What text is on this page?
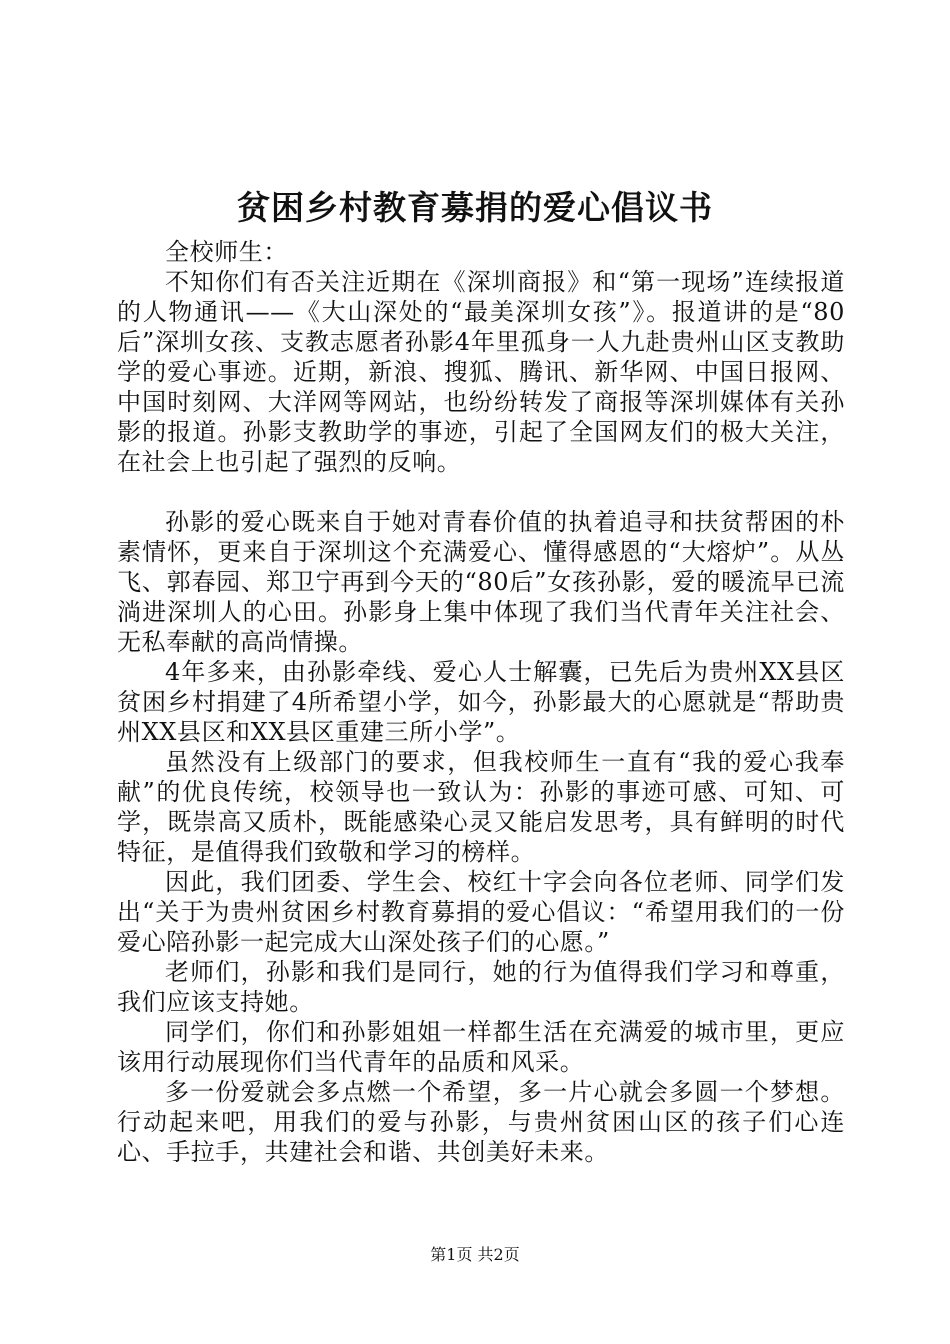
贫困乡村教育募捐的爱心倡议书

全校师生：

不知你们有否关注近期在《深圳商报》和“第一现场”连续报道的人物通讯——《大山深处的“最美深圳女孩”》。报道讲的是“80后”深圳女孩、支教志愿者孙影4年里孤身一人九赴贵州山区支教助学的爱心事迹。近期，新浪、搜狐、腾讯、新华网、中国日报网、中国时刻网、大洋网等网站，也纷纷转发了商报等深圳媒体有关孙影的报道。孙影支教助学的事迹，引起了全国网友们的极大关注，在社会上也引起了强烈的反响。

孙影的爱心既来自于她对青春价值的执着追寻和扶贫帮困的朴素情怀，更来自于深圳这个充满爱心、懂得感恩的“大熔炉”。从丛飞、郭春园、郑卫宁再到今天的“80后”女孩孙影，爱的暖流早已流淌进深圳人的心田。孙影身上集中体现了我们当代青年关注社会、无私奉献的高尚情操。

4年多来，由孙影牵线、爱心人士解囊，已先后为贵州XX县区贫困乡村捐建了4所希望小学，如今，孙影最大的心愿就是“帮助贵州XX县区和XX县区重建三所小学”。

虽然没有上级部门的要求，但我校师生一直有“我的爱心我奉献”的优良传统，校领导也一致认为：孙影的事迹可感、可知、可学，既崇高又质朴，既能感染心灵又能启发思考，具有鲜明的时代特征，是值得我们致敬和学习的榜样。

因此，我们团委、学生会、校红十字会向各位老师、同学们发出“关于为贵州贫困乡村教育募捐的爱心倡议：“希望用我们的一份爱心陪孙影一起完成大山深处孩子们的心愿。”

老师们，孙影和我们是同行，她的行为值得我们学习和尊重，我们应该支持她。

同学们，你们和孙影姐姐一样都生活在充满爱的城市里，更应该用行动展现你们当代青年的品质和风采。

多一份爱就会多点燃一个希望，多一片心就会多圆一个梦想。行动起来吧，用我们的爱与孙影，与贵州贫困山区的孩子们心连心、手拉手，共建社会和谐、共创美好未来。

第1页 共2页
